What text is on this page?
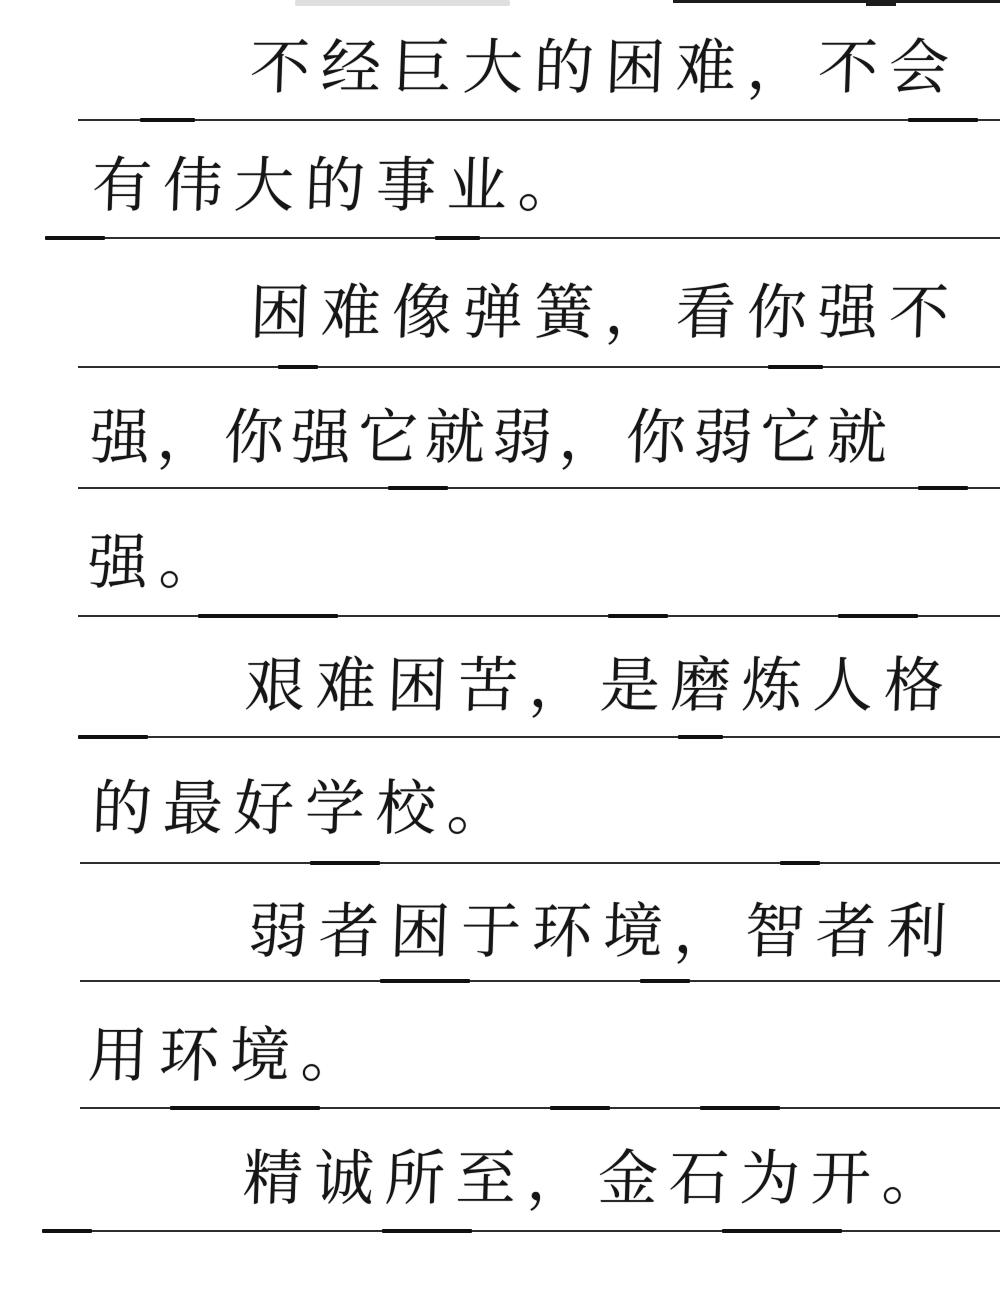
不经巨大的困难，不会
有伟大的事业。
困难像弹簧，看你强不
强，你强它就弱，你弱它就
强。
艰难困苦，是磨炼人格
的最好学校。
弱者困于环境，智者利
用环境。
精诚所至，金石为开。
